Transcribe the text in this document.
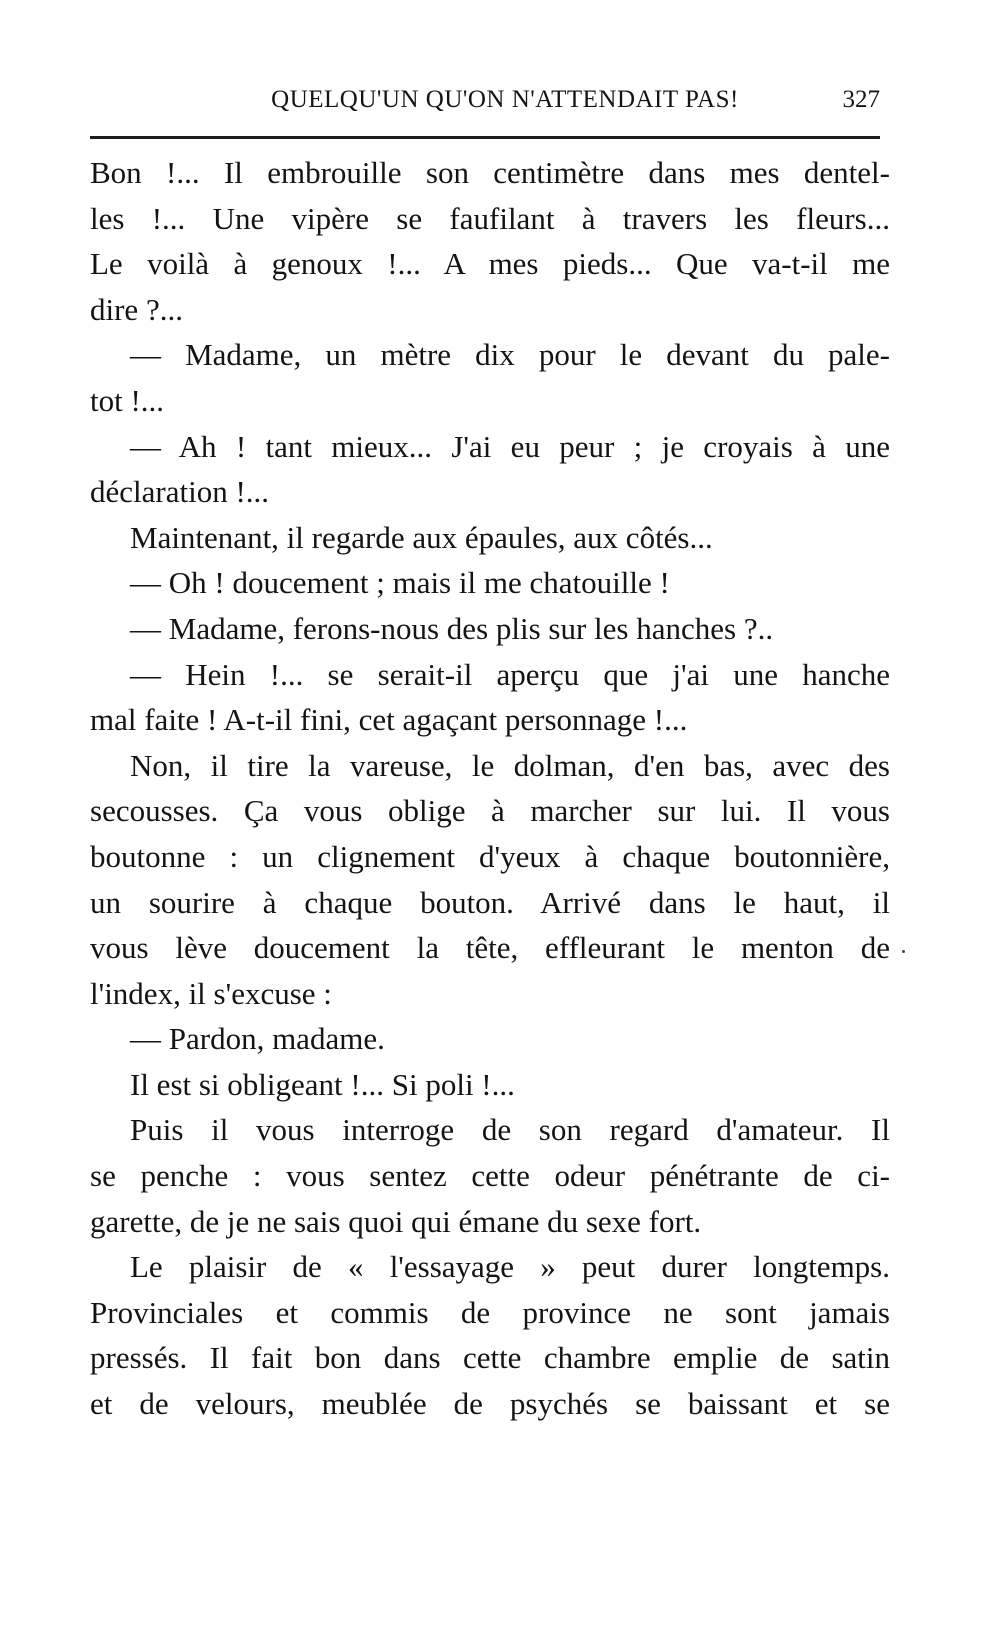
QUELQU'UN QU'ON N'ATTENDAIT PAS!	327
Bon !... Il embrouille son centimètre dans mes dentel-
les !... Une vipère se faufilant à travers les fleurs...
Le voilà à genoux !... A mes pieds... Que va-t-il me
dire ?...
— Madame, un mètre dix pour le devant du pale-
tot !...
— Ah ! tant mieux... J'ai eu peur ; je croyais à une
déclaration !...
Maintenant, il regarde aux épaules, aux côtés...
— Oh ! doucement ; mais il me chatouille !
— Madame, ferons-nous des plis sur les hanches ?..
— Hein !... se serait-il aperçu que j'ai une hanche
mal faite ! A-t-il fini, cet agaçant personnage !...
Non, il tire la vareuse, le dolman, d'en bas, avec des
secousses. Ça vous oblige à marcher sur lui. Il vous
boutonne : un clignement d'yeux à chaque boutonnière,
un sourire à chaque bouton. Arrivé dans le haut, il
vous lève doucement la tête, effleurant le menton de
l'index, il s'excuse :
— Pardon, madame.
Il est si obligeant !... Si poli !...
Puis il vous interroge de son regard d'amateur. Il
se penche : vous sentez cette odeur pénétrante de ci-
garette, de je ne sais quoi qui émane du sexe fort.
Le plaisir de « l'essayage » peut durer longtemps.
Provinciales et commis de province ne sont jamais
pressés. Il fait bon dans cette chambre emplie de satin
et de velours, meublée de psychés se baissant et se
